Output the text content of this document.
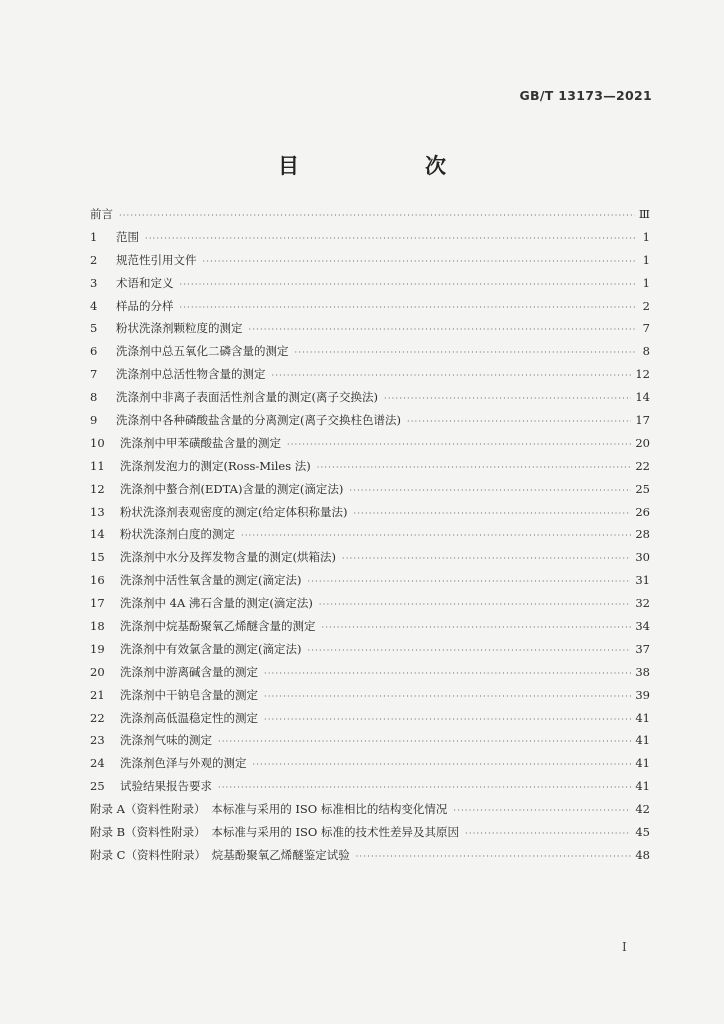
GB/T 13173—2021
目　　次
前言 ·····	Ⅲ
1	范围 ·····	1
2	规范性引用文件 ·····	1
3	术语和定义 ·····	1
4	样品的分样 ·····	2
5	粉状洗涤剂颗粒度的测定 ·····	7
6	洗涤剂中总五氧化二磷含量的测定 ·····	8
7	洗涤剂中总活性物含量的测定 ·····	12
8	洗涤剂中非离子表面活性剂含量的测定(离子交换法) ·····	14
9	洗涤剂中各种磷酸盐含量的分离测定(离子交换柱色谱法) ·····	17
10 洗涤剂中甲苯磺酸盐含量的测定 ·····	20
11 洗涤剂发泡力的测定(Ross-Miles 法) ·····	22
12 洗涤剂中螯合剂(EDTA)含量的测定(滴定法) ·····	25
13 粉状洗涤剂表观密度的测定(给定体积称量法) ·····	26
14 粉状洗涤剂白度的测定 ·····	28
15 洗涤剂中水分及挥发物含量的测定(烘箱法) ·····	30
16 洗涤剂中活性氧含量的测定(滴定法) ·····	31
17 洗涤剂中 4A 沸石含量的测定(滴定法) ·····	32
18 洗涤剂中烷基酚聚氧乙烯醚含量的测定 ·····	34
19 洗涤剂中有效氯含量的测定(滴定法) ·····	37
20 洗涤剂中游离碱含量的测定 ·····	38
21 洗涤剂中干钠皂含量的测定 ·····	39
22 洗涤剂高低温稳定性的测定 ·····	41
23 洗涤剂气味的测定 ·····	41
24 洗涤剂色泽与外观的测定 ·····	41
25 试验结果报告要求 ·····	41
附录 A（资料性附录）　本标准与采用的 ISO 标准相比的结构变化情况 ·····	42
附录 B（资料性附录）　本标准与采用的 ISO 标准的技术性差异及其原因 ·····	45
附录 C（资料性附录）　烷基酚聚氧乙烯醚鉴定试验 ·····	48
I
